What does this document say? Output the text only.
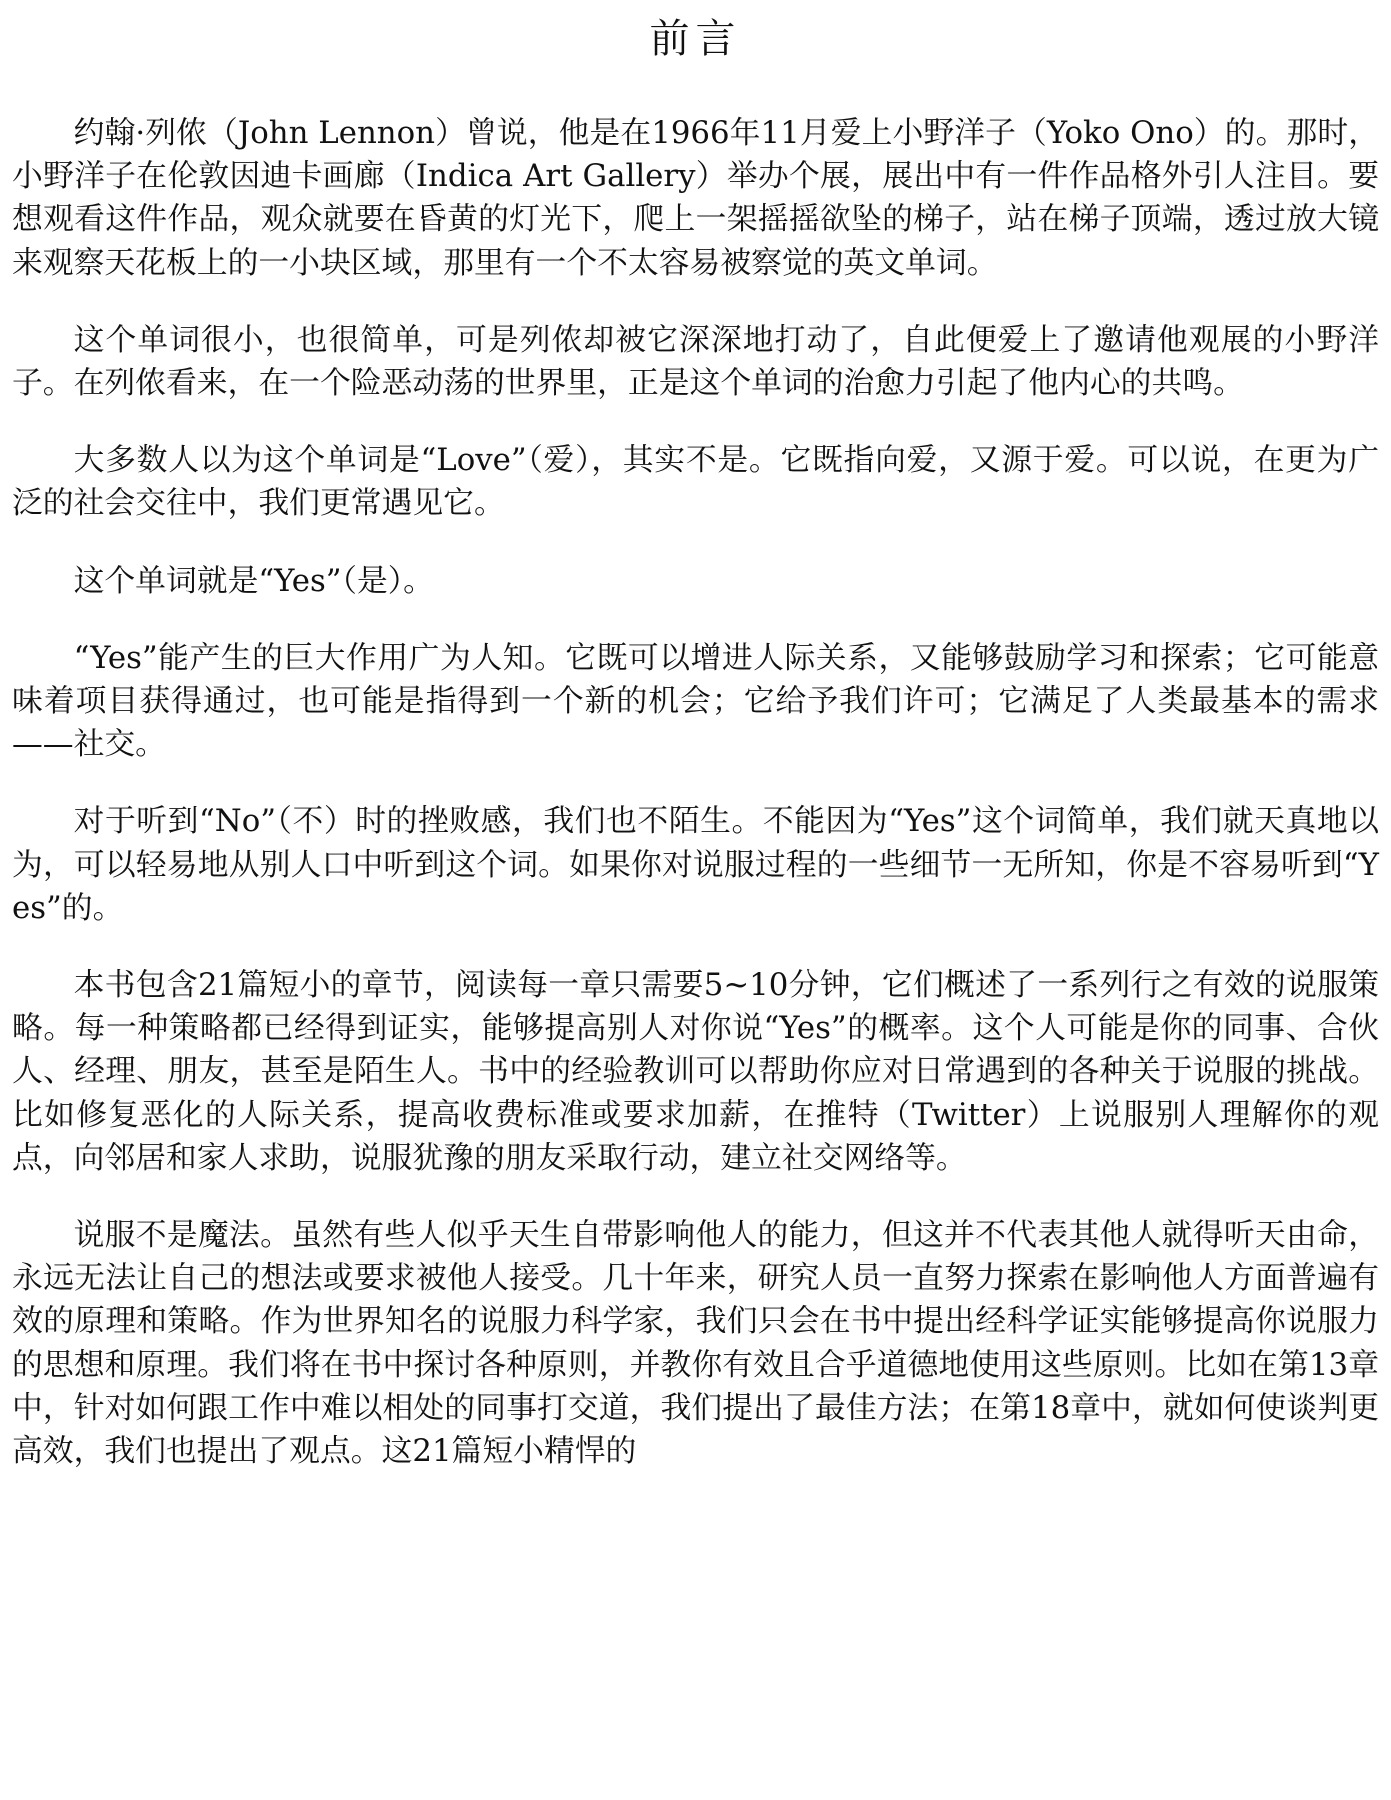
前言

约翰·列侬（John Lennon）曾说，他是在1966年11月爱上小野洋子（Yoko Ono）的。那时，小野洋子在伦敦因迪卡画廊（Indica Art Gallery）举办个展，展出中有一件作品格外引人注目。要想观看这件作品，观众就要在昏黄的灯光下，爬上一架摇摇欲坠的梯子，站在梯子顶端，透过放大镜来观察天花板上的一小块区域，那里有一个不太容易被察觉的英文单词。

这个单词很小，也很简单，可是列侬却被它深深地打动了，自此便爱上了邀请他观展的小野洋子。在列侬看来，在一个险恶动荡的世界里，正是这个单词的治愈力引起了他内心的共鸣。

大多数人以为这个单词是“Love”（爱），其实不是。它既指向爱，又源于爱。可以说，在更为广泛的社会交往中，我们更常遇见它。

这个单词就是“Yes”（是）。

“Yes”能产生的巨大作用广为人知。它既可以增进人际关系，又能够鼓励学习和探索；它可能意味着项目获得通过，也可能是指得到一个新的机会；它给予我们许可；它满足了人类最基本的需求——社交。

对于听到“No”（不）时的挫败感，我们也不陌生。不能因为“Yes”这个词简单，我们就天真地以为，可以轻易地从别人口中听到这个词。如果你对说服过程的一些细节一无所知，你是不容易听到“Yes”的。

本书包含21篇短小的章节，阅读每一章只需要5~10分钟，它们概述了一系列行之有效的说服策略。每一种策略都已经得到证实，能够提高别人对你说“Yes”的概率。这个人可能是你的同事、合伙人、经理、朋友，甚至是陌生人。书中的经验教训可以帮助你应对日常遇到的各种关于说服的挑战。比如修复恶化的人际关系，提高收费标准或要求加薪，在推特（Twitter）上说服别人理解你的观点，向邻居和家人求助，说服犹豫的朋友采取行动，建立社交网络等。

说服不是魔法。虽然有些人似乎天生自带影响他人的能力，但这并不代表其他人就得听天由命，永远无法让自己的想法或要求被他人接受。几十年来，研究人员一直努力探索在影响他人方面普遍有效的原理和策略。作为世界知名的说服力科学家，我们只会在书中提出经科学证实能够提高你说服力的思想和原理。我们将在书中探讨各种原则，并教你有效且合乎道德地使用这些原则。比如在第13章中，针对如何跟工作中难以相处的同事打交道，我们提出了最佳方法；在第18章中，就如何使谈判更高效，我们也提出了观点。这21篇短小精悍的
